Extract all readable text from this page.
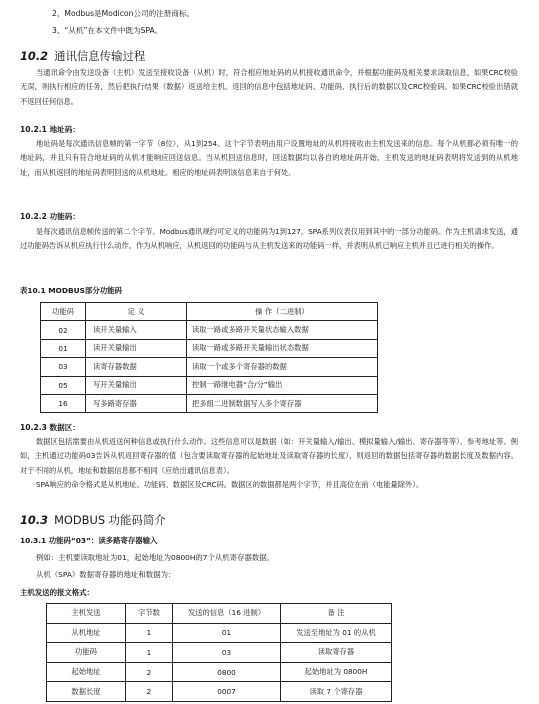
2、Modbus是Modicon公司的注册商标。
3、“从机”在本文件中既为SPA。
10.2 通讯信息传输过程

当通讯命令由发送设备（主机）发送至接收设备（从机）时，符合相应地址码的从机接收通讯命令，并根据功能码及相关要求读取信息，如果CRC校验无误，则执行相应的任务，然后把执行结果（数据）返送给主机。返回的信息中包括地址码、功能码、执行后的数据以及CRC校验码。如果CRC校验出错就不返回任何信息。

10.2.1 地址码：

地址码是每次通讯信息帧的第一字节（8位），从1到254。这个字节表明由用户设置地址的从机将接收由主机发送来的信息。每个从机都必须有唯一的地址码，并且只有符合地址码的从机才能响应回送信息。当从机回送信息时，回送数据均以各自的地址码开始。主机发送的地址码表明将发送到的从机地址，而从机返回的地址码表明回送的从机地址。相应的地址码表明该信息来自于何处。

10.2.2 功能码：

是每次通讯信息帧传送的第二个字节。Modbus通讯规约可定义的功能码为1到127。SPA系列仪表仅用到其中的一部分功能码。作为主机请求发送，通过功能码告诉从机应执行什么动作。作为从机响应，从机返回的功能码与从主机发送来的功能码一样，并表明从机已响应主机并且已进行相关的操作。

表10.1 MODBUS部分功能码
功能码	定 义	操 作（二进制）
02	读开关量输入	读取一路或多路开关量状态输入数据
01	读开关量输出	读取一路或多路开关量输出状态数据
03	读寄存器数据	读取一个或多个寄存器的数据
05	写开关量输出	控制一路继电器“合/分”输出
16	写多路寄存器	把多组二进制数据写入多个寄存器
10.2.3 数据区：

数据区包括需要由从机返送何种信息或执行什么动作。这些信息可以是数据（如：开关量输入/输出、模拟量输入/输出、寄存器等等）、参考地址等。例如，主机通过功能码03告诉从机返回寄存器的值（包含要读取寄存器的起始地址及读取寄存器的长度），则返回的数据包括寄存器的数据长度及数据内容。对于不同的从机，地址和数据信息都不相同（应给出通讯信息表）。

SPA响应的命令格式是从机地址、功能码、数据区及CRC码。数据区的数据都是两个字节，并且高位在前（电能量除外）。

10.3 MODBUS 功能码简介
10.3.1 功能码“03”：读多路寄存器输入
例如：主机要读取地址为01，起始地址为0800H的7个从机寄存器数据。
从机（SPA）数据寄存器的地址和数据为：
主机发送的报文格式：
主机发送	字节数	发送的信息（16 进制）	备 注
从机地址	1	01	发送至地址为 01 的从机
功能码	1	03	读取寄存器
起始地址	2	0800	起始地址为 0800H
数据长度	2	0007	读取 7 个寄存器
